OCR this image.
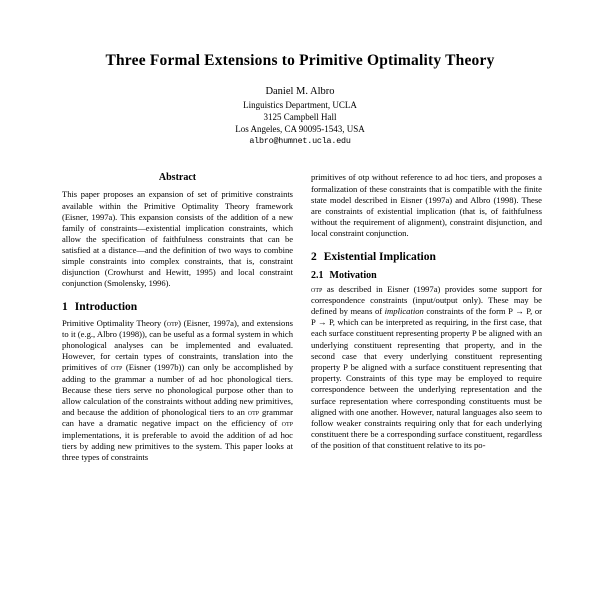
Three Formal Extensions to Primitive Optimality Theory
Daniel M. Albro
Linguistics Department, UCLA
3125 Campbell Hall
Los Angeles, CA 90095-1543, USA
albro@humnet.ucla.edu
Abstract

This paper proposes an expansion of set of primitive constraints available within the Primitive Optimality Theory framework (Eisner, 1997a). This expansion consists of the addition of a new family of constraints—existential implication constraints, which allow the specification of faithfulness constraints that can be satisfied at a distance—and the definition of two ways to combine simple constraints into complex constraints, that is, constraint disjunction (Crowhurst and Hewitt, 1995) and local constraint conjunction (Smolensky, 1996).

1 Introduction

Primitive Optimality Theory (otp) (Eisner, 1997a), and extensions to it (e.g., Albro (1998)), can be useful as a formal system in which phonological analyses can be implemented and evaluated. However, for certain types of constraints, translation into the primitives of otp (Eisner (1997b)) can only be accomplished by adding to the grammar a number of ad hoc phonological tiers. Because these tiers serve no phonological purpose other than to allow calculation of the constraints without adding new primitives, and because the addition of phonological tiers to an otp grammar can have a dramatic negative impact on the efficiency of otp implementations, it is preferable to avoid the addition of ad hoc tiers by adding new primitives to the system. This paper looks at three types of constraints

primitives of otp without reference to ad hoc tiers, and proposes a formalization of these constraints that is compatible with the finite state model described in Eisner (1997a) and Albro (1998). These are constraints of existential implication (that is, of faithfulness without the requirement of alignment), constraint disjunction, and local constraint conjunction.

2 Existential Implication
2.1 Motivation

otp as described in Eisner (1997a) provides some support for correspondence constraints (input/output only). These may be defined by means of implication constraints of the form P → P, or P → P, which can be interpreted as requiring, in the first case, that each surface constituent representing property P be aligned with an underlying constituent representing that property, and in the second case that every underlying constituent representing property P be aligned with a surface constituent representing that property. Constraints of this type may be employed to require correspondence between the underlying representation and the surface representation where corresponding constituents must be aligned with one another. However, natural languages also seem to follow weaker constraints requiring only that for each underlying constituent there be a corresponding surface constituent, regardless of the position of that constituent relative to its po-
